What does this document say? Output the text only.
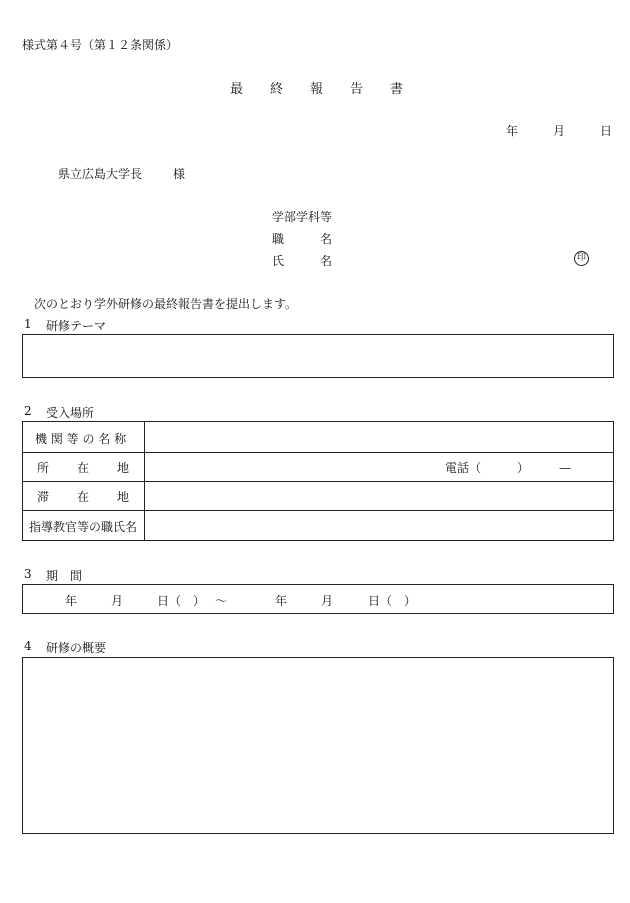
様式第４号（第１２条関係）
最 終 報 告 書
年	月	日
県立広島大学長	様
学部学科等
職	名
氏	名	印
次のとおり学外研修の最終報告書を提出します。
1 研修テーマ
2 受入場所
機 関 等 の 名 称
所 在 地	電話（　　　）　　　—
滞 在 地
指導教官等の職氏名
3 期　間
年	月	日（　） ～	年	月	日（　）
4 研修の概要
